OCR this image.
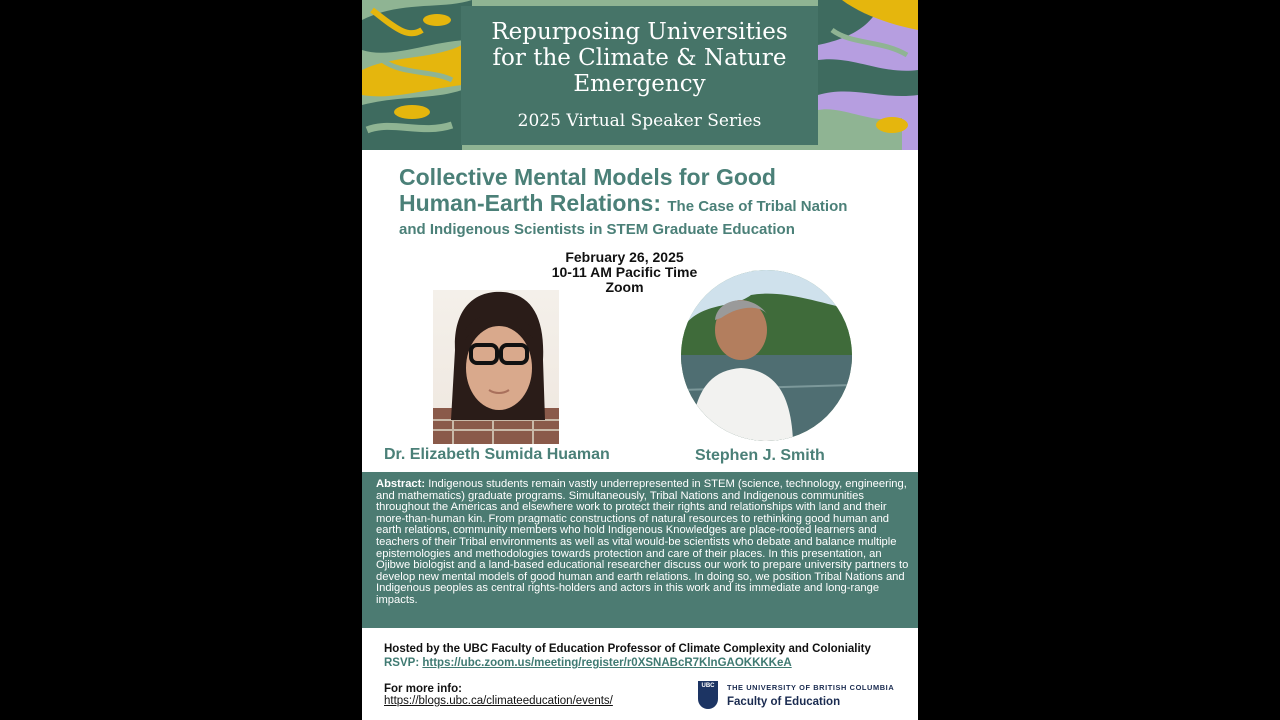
Repurposing Universities
for the Climate & Nature
Emergency
2025 Virtual Speaker Series
Collective Mental Models for Good
Human-Earth Relations: The Case of Tribal Nation
and Indigenous Scientists in STEM Graduate Education
February 26, 2025
10-11 AM Pacific Time
Zoom
Dr. Elizabeth Sumida Huaman	Stephen J. Smith

Abstract: Indigenous students remain vastly underrepresented in STEM (science, technology, engineering, and mathematics) graduate programs. Simultaneously, Tribal Nations and Indigenous communities throughout the Americas and elsewhere work to protect their rights and relationships with land and their more-than-human kin. From pragmatic constructions of natural resources to rethinking good human and earth relations, community members who hold Indigenous Knowledges are place-rooted learners and teachers of their Tribal environments as well as vital would-be scientists who debate and balance multiple epistemologies and methodologies towards protection and care of their places. In this presentation, an Ojibwe biologist and a land-based educational researcher discuss our work to prepare university partners to develop new mental models of good human and earth relations. In doing so, we position Tribal Nations and Indigenous peoples as central rights-holders and actors in this work and its immediate and long-range impacts.

Hosted by the UBC Faculty of Education Professor of Climate Complexity and Coloniality
RSVP: https://ubc.zoom.us/meeting/register/r0XSNABcR7KlnGAOKKKKeA
For more info:
https://blogs.ubc.ca/climateeducation/events/
UBC	THE UNIVERSITY OF BRITISH COLUMBIA
Faculty of Education
